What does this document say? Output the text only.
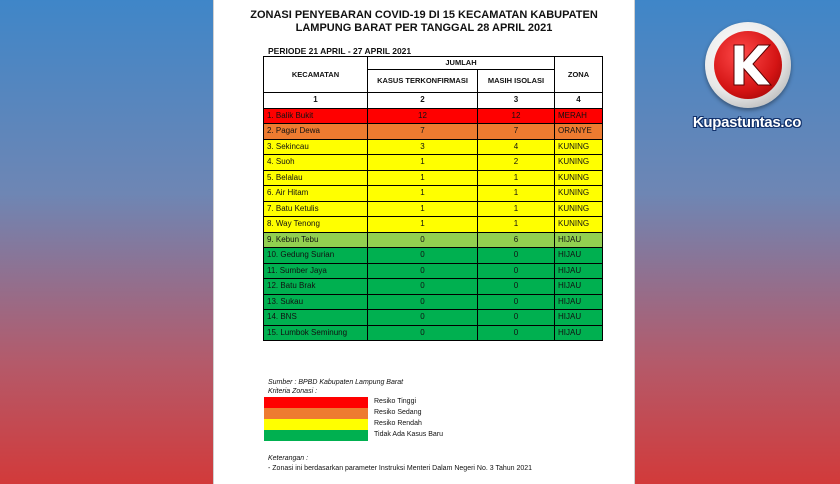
ZONASI PENYEBARAN COVID-19 DI 15 KECAMATAN KABUPATEN
LAMPUNG BARAT PER TANGGAL 28 APRIL 2021
PERIODE 21 APRIL - 27 APRIL 2021
KECAMATAN	JUMLAH		ZONA
	KASUS TERKONFIRMASI	MASIH ISOLASI	
1	2	3	4
1. Balik Bukit	12	12	MERAH
2. Pagar Dewa	7	7	ORANYE
3. Sekincau	3	4	KUNING
4. Suoh	1	2	KUNING
5. Belalau	1	1	KUNING
6. Air Hitam	1	1	KUNING
7. Batu Ketulis	1	1	KUNING
8. Way Tenong	1	1	KUNING
9. Kebun Tebu	0	6	HIJAU
10. Gedung Surian	0	0	HIJAU
11. Sumber Jaya	0	0	HIJAU
12. Batu Brak	0	0	HIJAU
13. Sukau	0	0	HIJAU
14. BNS	0	0	HIJAU
15. Lumbok Seminung	0	0	HIJAU
Sumber : BPBD Kabupaten Lampung Barat
Kriteria Zonasi :
Resiko Tinggi
Resiko Sedang
Resiko Rendah
Tidak Ada Kasus Baru
Keterangan :
- Zonasi ini berdasarkan parameter Instruksi Menteri Dalam Negeri No. 3 Tahun 2021
Kupastuntas.co
